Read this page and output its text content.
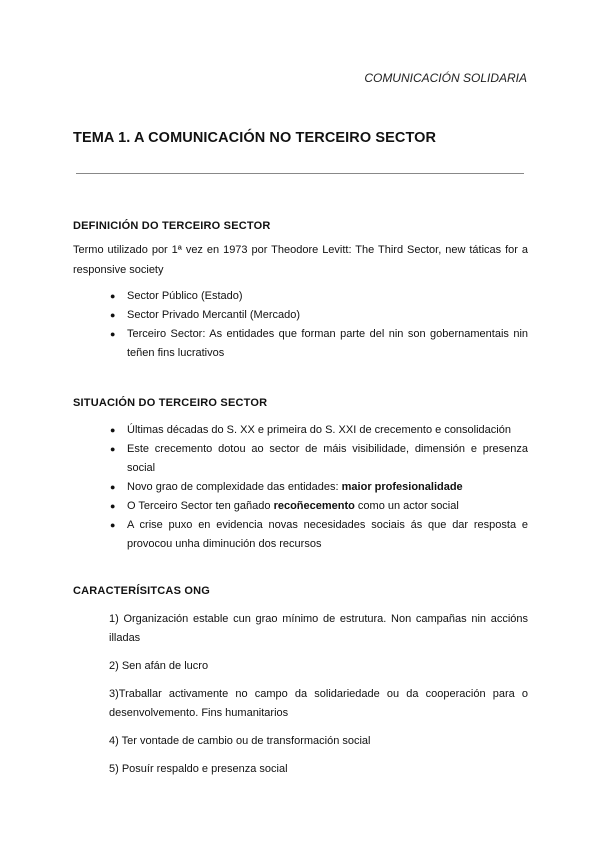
COMUNICACIÓN SOLIDARIA
TEMA 1. A COMUNICACIÓN NO TERCEIRO SECTOR

DEFINICIÓN DO TERCEIRO SECTOR

Termo utilizado por 1ª vez en 1973 por Theodore Levitt: The Third Sector, new táticas for a responsive society

● Sector Público (Estado)
● Sector Privado Mercantil (Mercado)
● Terceiro Sector: As entidades que forman parte del nin son gobernamentais nin teñen fins lucrativos

SITUACIÓN DO TERCEIRO SECTOR

● Últimas décadas do S. XX e primeira do S. XXI de crecemento e consolidación
● Este crecemento dotou ao sector de máis visibilidade, dimensión e presenza social
● Novo grao de complexidade das entidades: maior profesionalidade
● O Terceiro Sector ten gañado recoñecemento como un actor social
● A crise puxo en evidencia novas necesidades sociais ás que dar resposta e provocou unha diminución dos recursos

CARACTERÍSITCAS ONG

1) Organización estable cun grao mínimo de estrutura. Non campañas nin accións illadas
2) Sen afán de lucro
3)Traballar activamente no campo da solidariedade ou da cooperación para o desenvolvemento. Fins humanitarios
4) Ter vontade de cambio ou de transformación social
5) Posuír respaldo e presenza social
